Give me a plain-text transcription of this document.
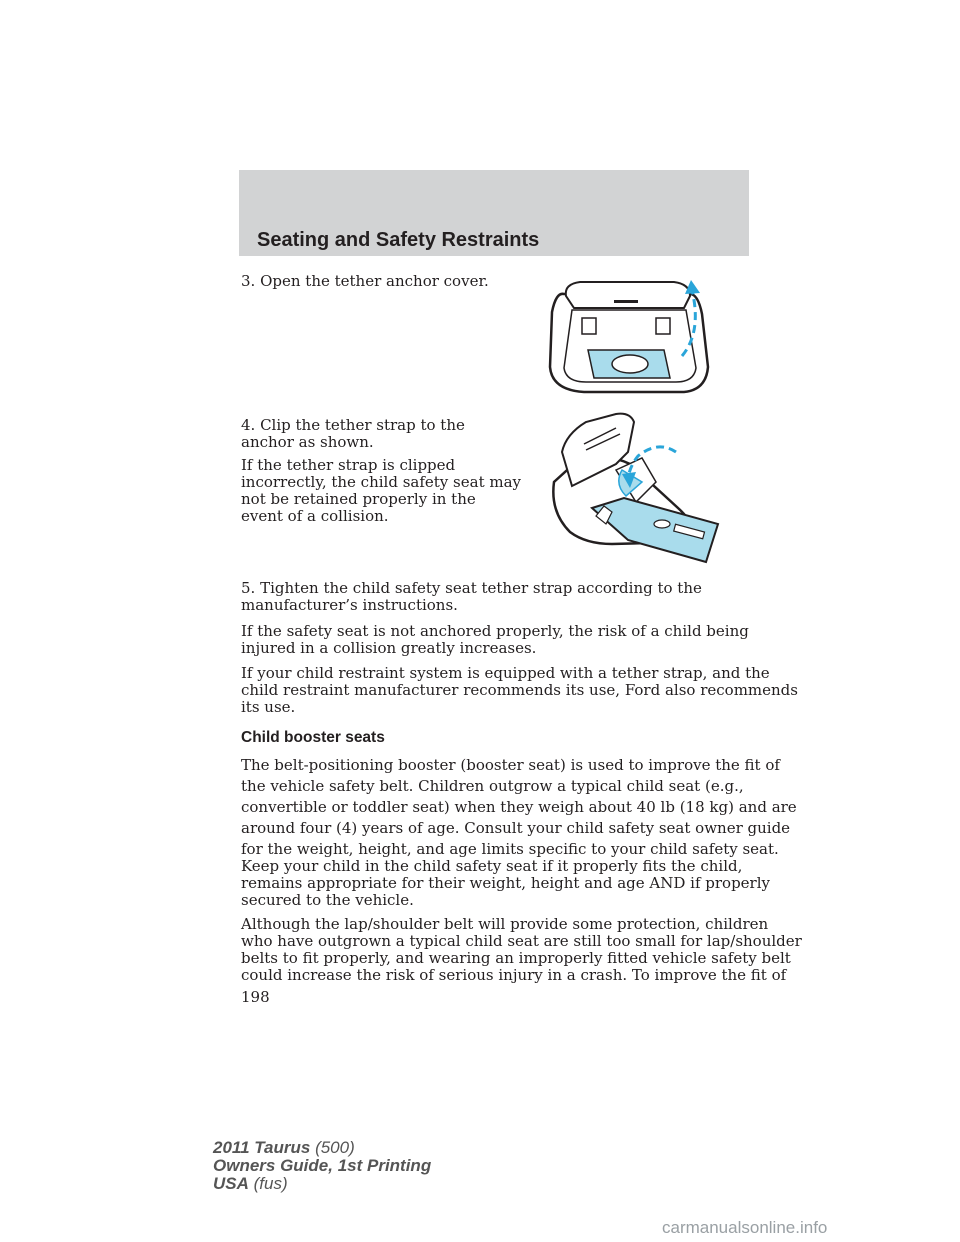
Seating and Safety Restraints
3. Open the tether anchor cover.
4. Clip the tether strap to the
anchor as shown.
If the tether strap is clipped
incorrectly, the child safety seat may
not be retained properly in the
event of a collision.
5. Tighten the child safety seat tether strap according to the
manufacturer’s instructions.
If the safety seat is not anchored properly, the risk of a child being
injured in a collision greatly increases.
If your child restraint system is equipped with a tether strap, and the
child restraint manufacturer recommends its use, Ford also recommends
its use.
Child booster seats
The belt-positioning booster (booster seat) is used to improve the fit of
the vehicle safety belt. Children outgrow a typical child seat (e.g.,
convertible or toddler seat) when they weigh about 40 lb (18 kg) and are
around four (4) years of age. Consult your child safety seat owner guide
for the weight, height, and age limits specific to your child safety seat.
Keep your child in the child safety seat if it properly fits the child,
remains appropriate for their weight, height and age AND if properly
secured to the vehicle.
Although the lap/shoulder belt will provide some protection, children
who have outgrown a typical child seat are still too small for lap/shoulder
belts to fit properly, and wearing an improperly fitted vehicle safety belt
could increase the risk of serious injury in a crash. To improve the fit of
198
2011 Taurus (500)
Owners Guide, 1st Printing
USA (fus)
carmanualsonline.info
